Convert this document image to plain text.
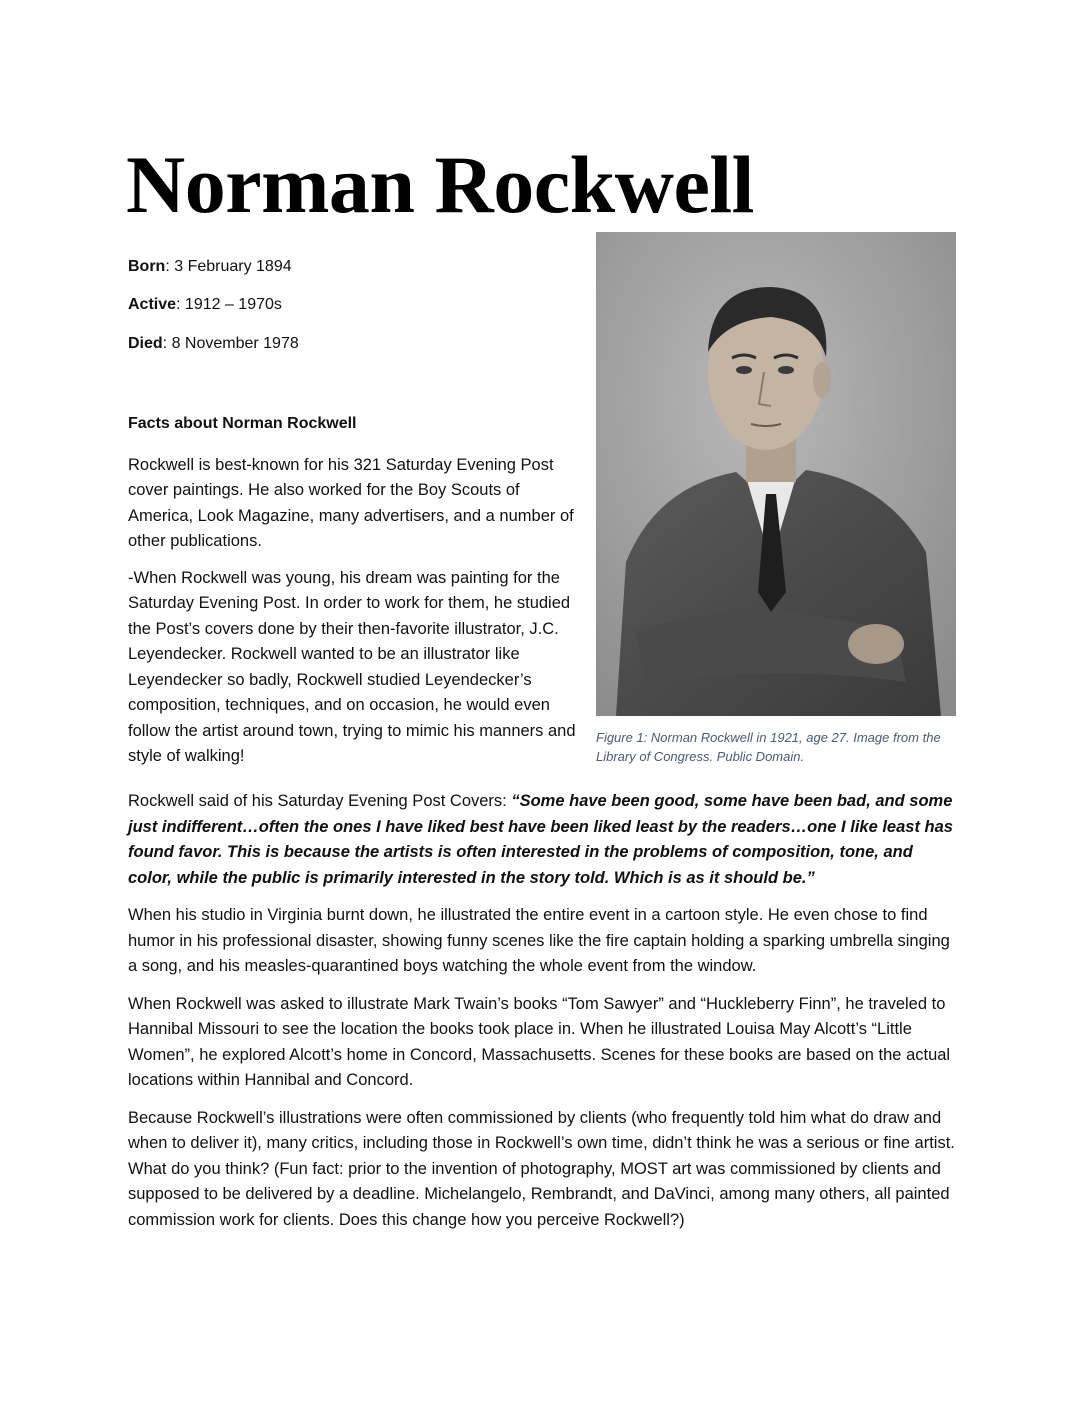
Norman Rockwell

Born: 3 February 1894

Active: 1912 – 1970s

Died: 8 November 1978

Facts about Norman Rockwell

Rockwell is best-known for his 321 Saturday Evening Post cover paintings. He also worked for the Boy Scouts of America, Look Magazine, many advertisers, and a number of other publications.

-When Rockwell was young, his dream was painting for the Saturday Evening Post. In order to work for them, he studied the Post’s covers done by their then-favorite illustrator, J.C. Leyendecker. Rockwell wanted to be an illustrator like Leyendecker so badly, Rockwell studied Leyendecker’s composition, techniques, and on occasion, he would even follow the artist around town, trying to mimic his manners and style of walking!

Figure 1: Norman Rockwell in 1921, age 27. Image from the Library of Congress. Public Domain.

Rockwell said of his Saturday Evening Post Covers: “Some have been good, some have been bad, and some just indifferent…often the ones I have liked best have been liked least by the readers…one I like least has found favor. This is because the artists is often interested in the problems of composition, tone, and color, while the public is primarily interested in the story told. Which is as it should be.”

When his studio in Virginia burnt down, he illustrated the entire event in a cartoon style. He even chose to find humor in his professional disaster, showing funny scenes like the fire captain holding a sparking umbrella singing a song, and his measles-quarantined boys watching the whole event from the window.

When Rockwell was asked to illustrate Mark Twain’s books “Tom Sawyer” and “Huckleberry Finn”, he traveled to Hannibal Missouri to see the location the books took place in. When he illustrated Louisa May Alcott’s “Little Women”, he explored Alcott’s home in Concord, Massachusetts. Scenes for these books are based on the actual locations within Hannibal and Concord.

Because Rockwell’s illustrations were often commissioned by clients (who frequently told him what do draw and when to deliver it), many critics, including those in Rockwell’s own time, didn’t think he was a serious or fine artist. What do you think? (Fun fact: prior to the invention of photography, MOST art was commissioned by clients and supposed to be delivered by a deadline. Michelangelo, Rembrandt, and DaVinci, among many others, all painted commission work for clients. Does this change how you perceive Rockwell?)
